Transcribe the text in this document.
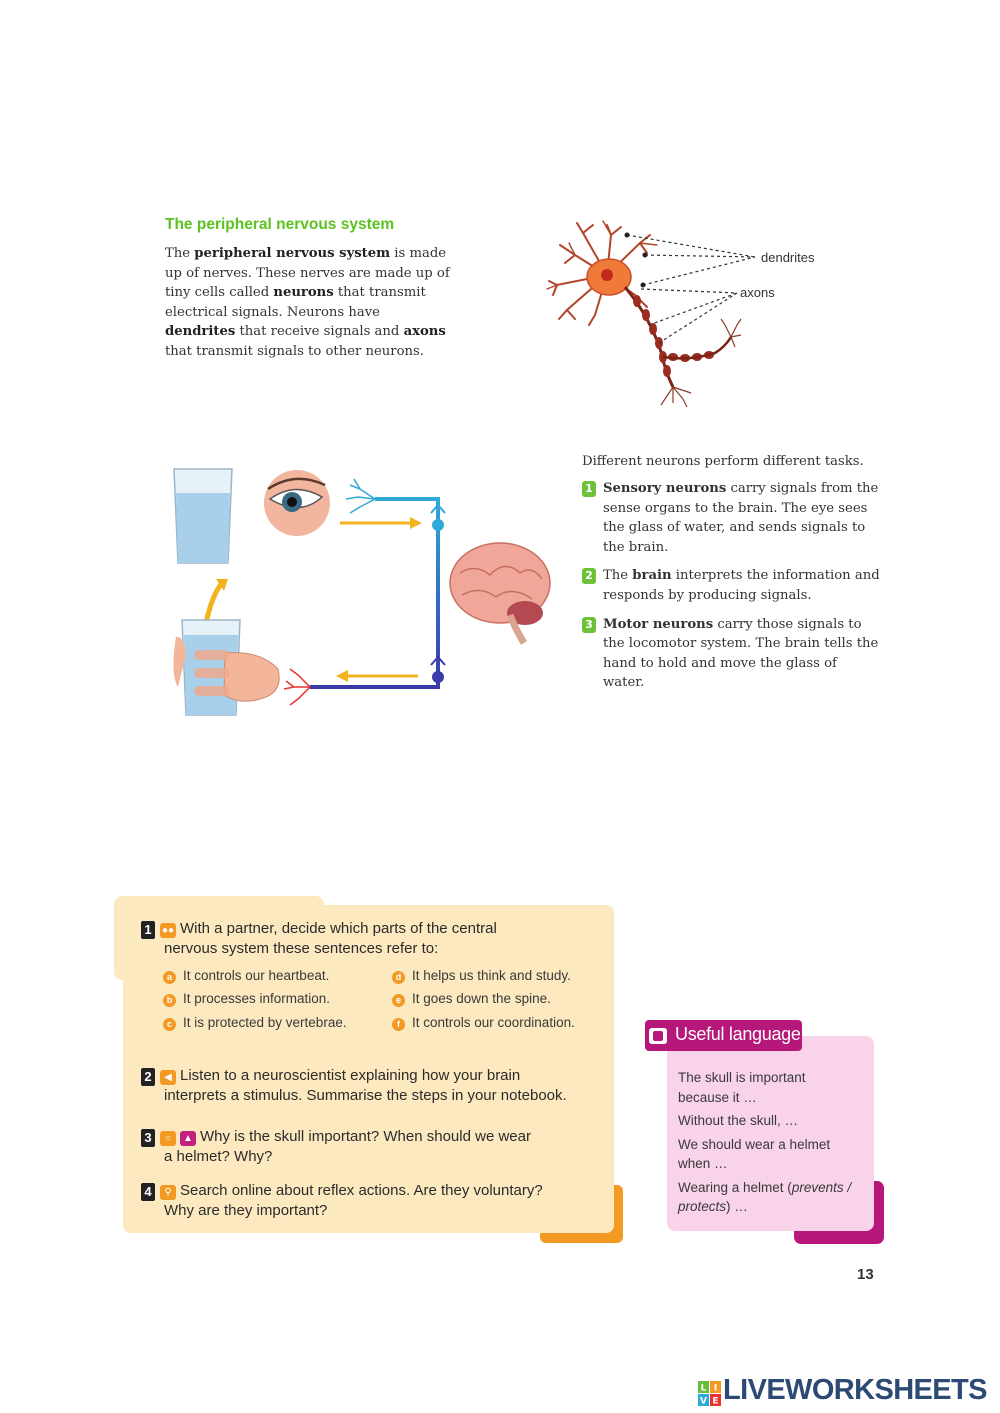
The peripheral nervous system
The peripheral nervous system is made up of nerves. These nerves are made up of tiny cells called neurons that transmit electrical signals. Neurons have dendrites that receive signals and axons that transmit signals to other neurons.
dendrites
axons
Different neurons perform different tasks.
1 Sensory neurons carry signals from the sense organs to the brain. The eye sees the glass of water, and sends signals to the brain.
2 The brain interprets the information and responds by producing signals.
3 Motor neurons carry those signals to the locomotor system. The brain tells the hand to hold and move the glass of water.
1 ●● With a partner, decide which parts of the central
nervous system these sentences refer to:
a It controls our heartbeat.
b It processes information.
c It is protected by vertebrae.
d It helps us think and study.
e It goes down the spine.
f It controls our coordination.
2 ◀ Listen to a neuroscientist explaining how your brain
interprets a stimulus. Summarise the steps in your notebook.
3 ○ ▲ Why is the skull important? When should we wear
a helmet? Why?
4 ⚲ Search online about reflex actions. Are they voluntary?
Why are they important?
Useful language
The skull is important
because it …
Without the skull, …
We should wear a helmet
when …
Wearing a helmet (prevents /
protects) …
13
L I
V E LIVEWORKSHEETS
